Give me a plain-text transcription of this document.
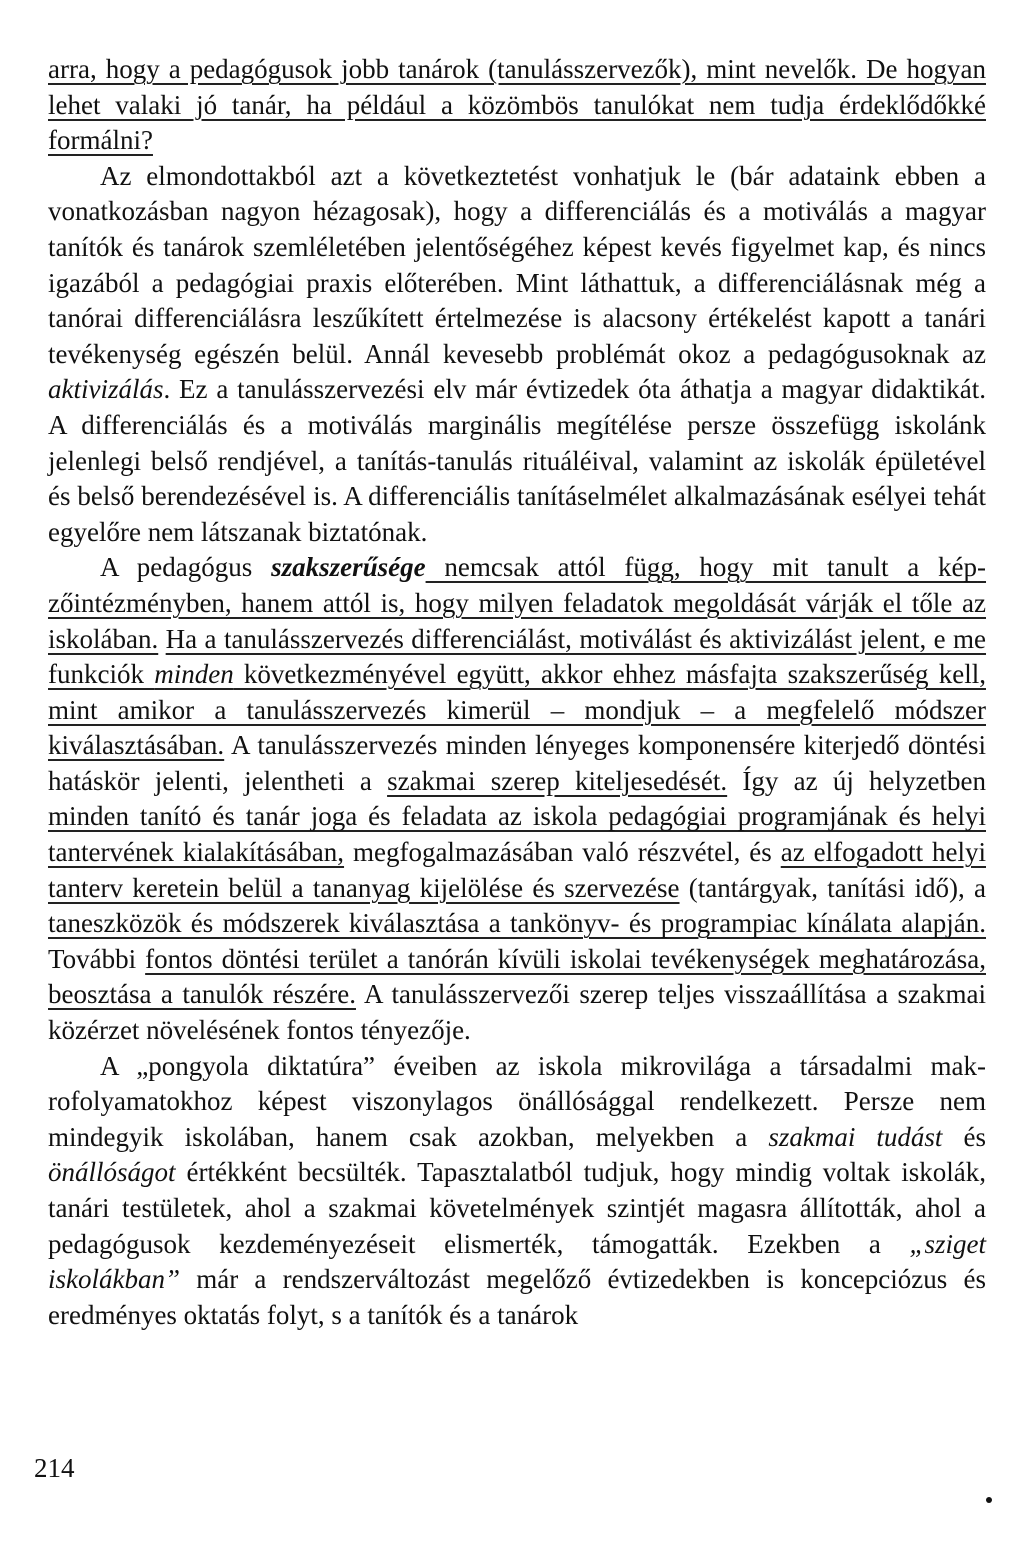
arra, hogy a pedagógusok jobb tanárok (tanulásszervezők), mint nevelők. De hogyan lehet valaki jó tanár, ha például a közömbös tanulókat nem tudja érdeklődőkké formálni?

Az elmondottakból azt a következtetést vonhatjuk le (bár adataink ebben a vonatkozásban nagyon hézagosak), hogy a differenciálás és a motiválás a magyar tanítók és tanárok szemléletében jelentőségéhez képest kevés figyelmet kap, és nincs igazából a pedagógiai praxis előterében. Mint láthattuk, a differenciálásnak még a tanórai differenciálásra leszűkített értelmezése is alacsony értékelést kapott a tanári tevékenység egészén belül. Annál kevesebb problémát okoz a pedagógusoknak az aktivizálás. Ez a tanulásszervezési elv már évtizedek óta áthatja a magyar didaktikát. A differenciálás és a motiválás marginális megítélése persze összefügg iskolánk jelenlegi belső rendjével, a tanítás-tanulás rituáléival, valamint az iskolák épületével és belső berendezésével is. A differenciális tanításelmélet alkalmazásának esélyei tehát egyelőre nem látszanak biztatónak.

A pedagógus szakszerűsége nemcsak attól függ, hogy mit tanult a képzőintézményben, hanem attól is, hogy milyen feladatok megoldását várják el tőle az iskolában. Ha a tanulásszervezés differenciálást, motiválást és aktivizálást jelent, e me funkciók minden következményével együtt, akkor ehhez másfajta szakszerűség kell, mint amikor a tanulásszervezés kimerül – mondjuk – a megfelelő módszer kiválasztásában. A tanulásszervezés minden lényeges komponensére kiterjedő döntési hatáskör jelenti, jelentheti a szakmai szerep kiteljesedését. Így az új helyzetben minden tanító és tanár joga és feladata az iskola pedagógiai programjának és helyi tantervének kialakításában, megfogalmazásában való részvétel, és az elfogadott helyi tanterv keretein belül a tananyag kijelölése és szervezése (tantárgyak, tanítási idő), a taneszközök és módszerek kiválasztása a tankönyv- és programpiac kínálata alapján. További fontos döntési terület a tanórán kívüli iskolai tevékenységek meghatározása, beosztása a tanulók részére. A tanulásszervezői szerep teljes visszaállítása a szakmai közérzet növelésének fontos tényezője.

A „pongyola diktatúra” éveiben az iskola mikrovilága a társadalmi makrofolyamatokhoz képest viszonylagos önállósággal rendelkezett. Persze nem mindegyik iskolában, hanem csak azokban, melyekben a szakmai tudást és önállóságot értékként becsülték. Tapasztalatból tudjuk, hogy mindig voltak iskolák, tanári testületek, ahol a szakmai követelmények szintjét magasra állították, ahol a pedagógusok kezdeményezéseit elismerték, támogatták. Ezekben a „sziget iskolákban” már a rendszerváltozást megelőző évtizedekben is koncepciózus és eredményes oktatás folyt, s a tanítók és a tanárok

214
